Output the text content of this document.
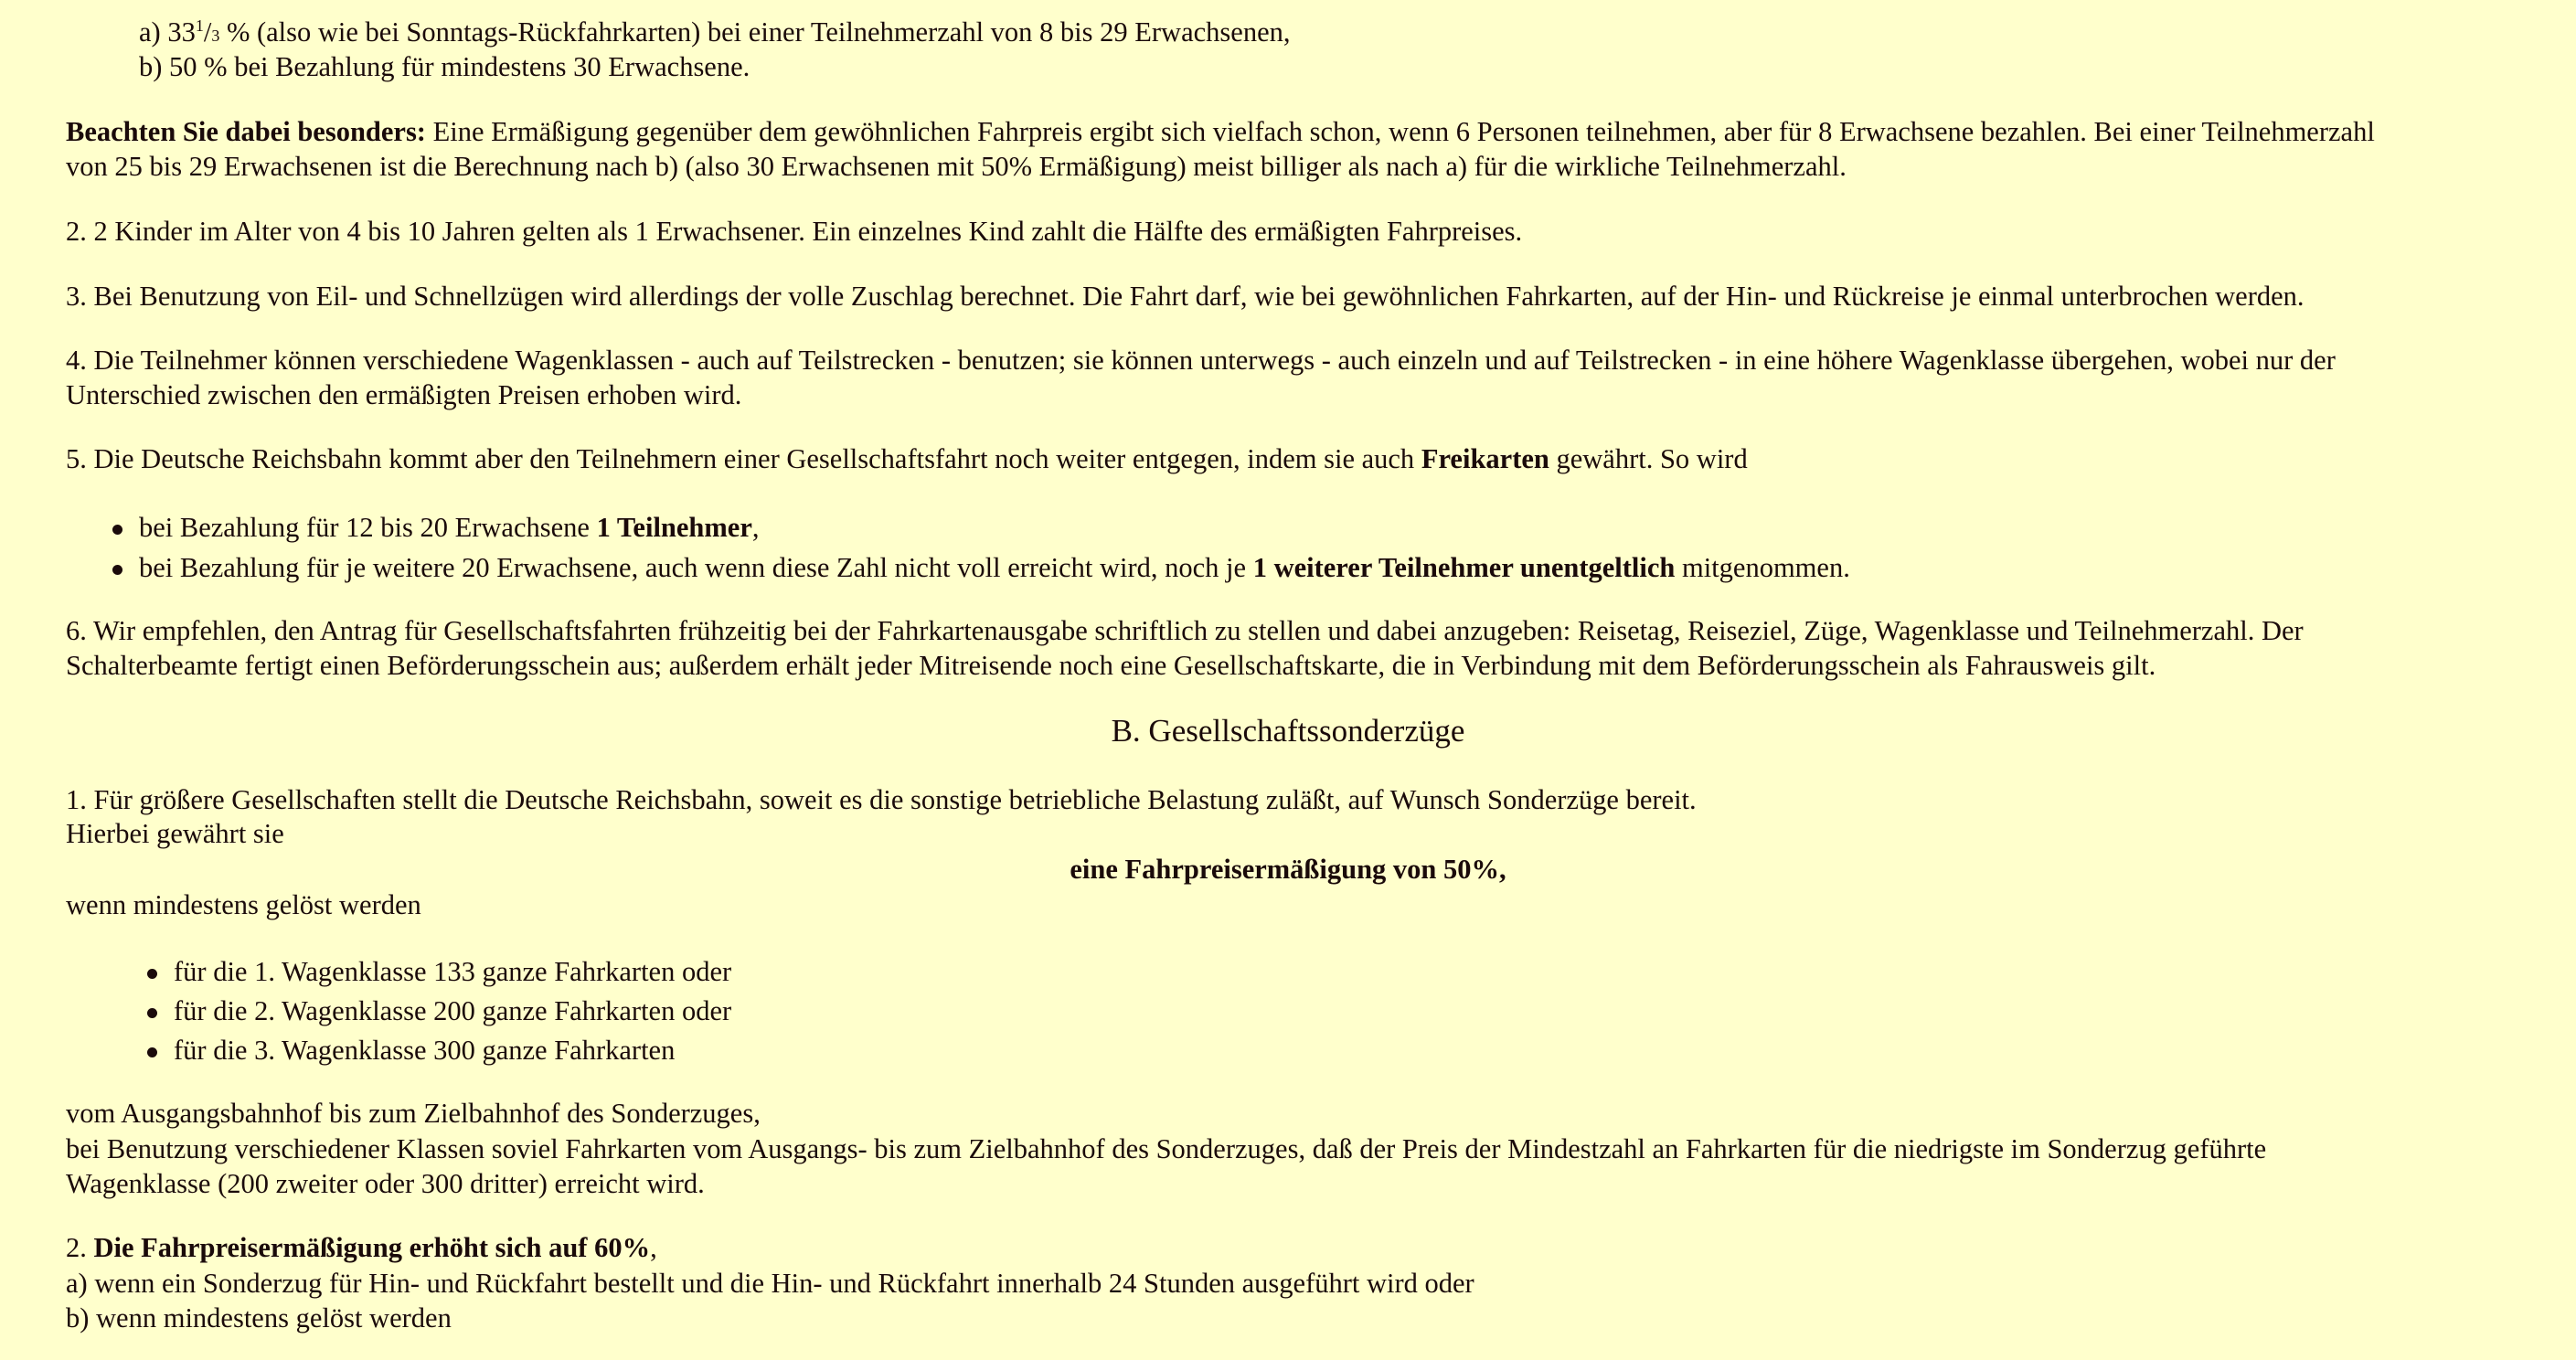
a) $33^1/3$ % (also wie bei Sonntags-Rückfahrkarten) bei einer Teilnehmerzahl von 8 bis 29 Erwachsenen,

b) 50 % bei Bezahlung für mindestens 30 Erwachsene.

Beachten Sie dabei besonders: Eine Ermäßigung gegenüber dem gewöhnlichen Fahrpreis ergibt sich vielfach schon, wenn 6 Personen teilnehmen, aber für 8 Erwachsene bezahlen. Bei einer Teilnehmerzahl

von 25 bis 29 Erwachsenen ist die Berechnung nach b) (also 30 Erwachsenen mit 50% Ermäßigung) meist billiger als nach a) für die wirkliche Teilnehmerzahl.

2. 2 Kinder im Alter von 4 bis 10 Jahren gelten als 1 Erwachsener. Ein einzelnes Kind zahlt die Hälfte des ermäßigten Fahrpreises.

3. Bei Benutzung von Eil- und Schnellzügen wird allerdings der volle Zuschlag berechnet. Die Fahrt darf, wie bei gewöhnlichen Fahrkarten, auf der Hin- und Rückreise je einmal unterbrochen werden.

4. Die Teilnehmer können verschiedene Wagenklassen - auch auf Teilstrecken - benutzen; sie können unterwegs - auch einzeln und auf Teilstrecken - in eine höhere Wagenklasse übergehen, wobei nur der

Unterschied zwischen den ermäßigten Preisen erhoben wird.

5. Die Deutsche Reichsbahn kommt aber den Teilnehmern einer Gesellschaftsfahrt noch weiter entgegen, indem sie auch Freikarten gewährt. So wird

bei Bezahlung für 12 bis 20 Erwachsene 1 Teilnehmer,
bei Bezahlung für je weitere 20 Erwachsene, auch wenn diese Zahl nicht voll erreicht wird, noch je 1 weiterer Teilnehmer unentgeltlich mitgenommen.

6. Wir empfehlen, den Antrag für Gesellschaftsfahrten frühzeitig bei der Fahrkartenausgabe schriftlich zu stellen und dabei anzugeben: Reisetag, Reiseziel, Züge, Wagenklasse und Teilnehmerzahl. Der

Schalterbeamte fertigt einen Beförderungsschein aus; außerdem erhält jeder Mitreisende noch eine Gesellschaftskarte, die in Verbindung mit dem Beförderungsschein als Fahrausweis gilt.

B. Gesellschaftssonderzüge

1. Für größere Gesellschaften stellt die Deutsche Reichsbahn, soweit es die sonstige betriebliche Belastung zuläßt, auf Wunsch Sonderzüge bereit.

Hierbei gewährt sie

eine Fahrpreisermäßigung von 50%,

wenn mindestens gelöst werden

für die 1. Wagenklasse 133 ganze Fahrkarten oder
für die 2. Wagenklasse 200 ganze Fahrkarten oder
für die 3. Wagenklasse 300 ganze Fahrkarten

vom Ausgangsbahnhof bis zum Zielbahnhof des Sonderzuges,

bei Benutzung verschiedener Klassen soviel Fahrkarten vom Ausgangs- bis zum Zielbahnhof des Sonderzuges, daß der Preis der Mindestzahl an Fahrkarten für die niedrigste im Sonderzug geführte

Wagenklasse (200 zweiter oder 300 dritter) erreicht wird.

2. Die Fahrpreisermäßigung erhöht sich auf 60%,

a) wenn ein Sonderzug für Hin- und Rückfahrt bestellt und die Hin- und Rückfahrt innerhalb 24 Stunden ausgeführt wird oder

b) wenn mindestens gelöst werden
